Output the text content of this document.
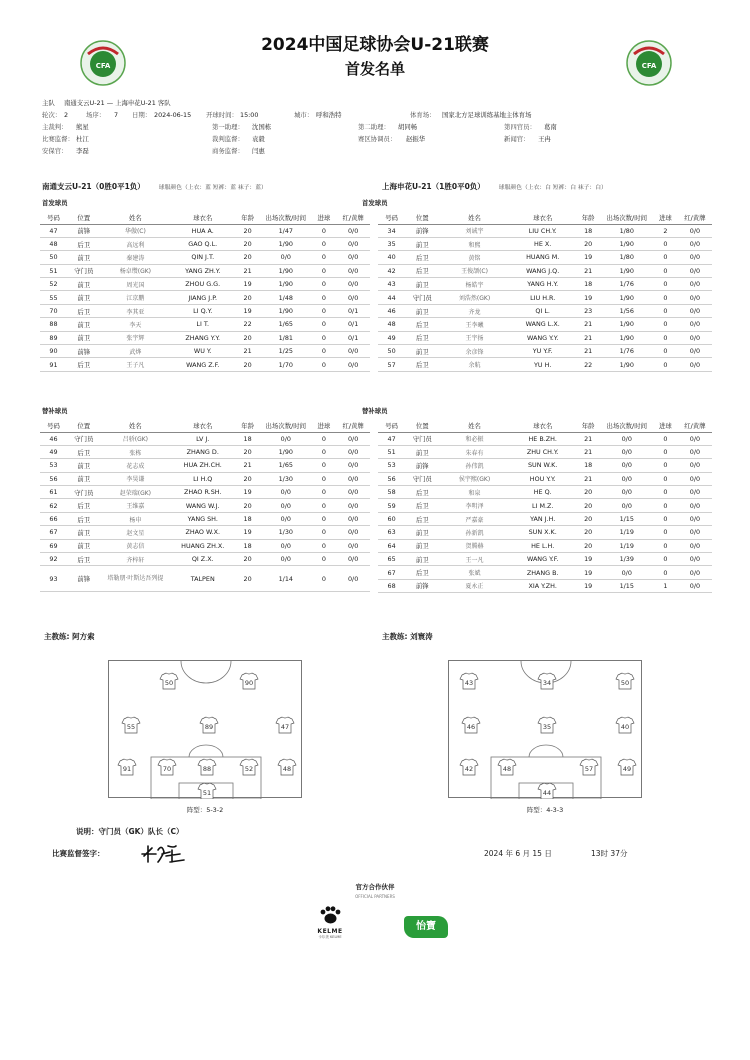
CFA	CFA
2024中国足球协会U-21联赛
首发名单
主队	南通支云U-21 — 上海申花U-21 客队
轮次： 2	场序：	7	日期： 2024-06-15	开球时间： 15:00	城市： 呼和浩特	体育场：	国家北方足球训练基地主体育场
主裁判：	熊星	第一助理：	沈国栋	第二助理：	胡同畅	第四官员：	葛南
比赛监督： 杜江	裁判监督：	袁毅	赛区协调员：	赵振华	新闻官：	王冉
安保官：	李磊	商务监督：	闫惠
南通支云U-21（0胜0平1负） 球服颜色（上衣：蓝 短裤：蓝 袜子：蓝）	上海申花U-21（1胜0平0负） 球服颜色（上衣：白 短裤：白 袜子：白）
首发球员	首发球员
号码	位置	姓名	球衣名	年龄	出场次数/时间	进球	红/黄牌
47	前锋	华傲(C)	HUA A.	20	1/47	0	0/0
48	后卫	高远利	GAO Q.L.	20	1/90	0	0/0
50	前卫	秦建涛	QIN J.T.	20	0/0	0	0/0
51	守门员	杨卓缵(GK)	YANG ZH.Y.	21	1/90	0	0/0
52	前卫	周光国	ZHOU G.G.	19	1/90	0	0/0
55	前卫	江京鹏	JIANG J.P.	20	1/48	0	0/0
70	后卫	李其亚	LI Q.Y.	19	1/90	0	0/1
88	前卫	李天	LI T.	22	1/65	0	0/1
89	前卫	张宇辉	ZHANG Y.Y.	20	1/81	0	0/1
90	前锋	武烨	WU Y.	21	1/25	0	0/0
91	后卫	王子凡	WANG Z.F.	20	1/70	0	0/0
号码	位置	姓名	球衣名	年龄	出场次数/时间	进球	红/黄牌
34	前锋	刘诚宇	LIU CH.Y.	18	1/80	2	0/0
35	前卫	和熙	HE X.	20	1/90	0	0/0
40	后卫	黄铭	HUANG M.	19	1/80	0	0/0
42	后卫	王俊颉(C)	WANG J.Q.	21	1/90	0	0/0
43	前卫	杨皓宇	YANG H.Y.	18	1/76	0	0/0
44	守门员	刘浩然(GK)	LIU H.R.	19	1/90	0	0/0
46	前卫	齐龙	QI L.	23	1/56	0	0/0
48	后卫	王李曦	WANG L.X.	21	1/90	0	0/0
49	后卫	王宇扬	WANG Y.Y.	21	1/90	0	0/0
50	前卫	余彦锋	YU Y.F.	21	1/76	0	0/0
57	后卫	余航	YU H.	22	1/90	0	0/0
替补球员	替补球员
号码	位置	姓名	球衣名	年龄	出场次数/时间	进球	红/黄牌
46	守门员	吕骄(GK)	LV J.	18	0/0	0	0/0
49	后卫	张栋	ZHANG D.	20	1/90	0	0/0
53	前卫	花志成	HUA ZH.CH.	21	1/65	0	0/0
56	前卫	李昊谦	LI H.Q	20	1/30	0	0/0
61	守门员	赵荣瑞(GK)	ZHAO R.SH.	19	0/0	0	0/0
62	后卫	王维嘉	WANG W.J.	20	0/0	0	0/0
66	后卫	杨申	YANG SH.	18	0/0	0	0/0
67	前卫	赵文星	ZHAO W.X.	19	1/30	0	0/0
69	前卫	黄志信	HUANG ZH.X.	18	0/0	0	0/0
92	后卫	齐梓轩	QI Z.X.	20	0/0	0	0/0
93	前锋	塔勒朋·叶斯达吾列提	TALPEN	20	1/14	0	0/0
号码	位置	姓名	球衣名	年龄	出场次数/时间	进球	红/黄牌
47	守门员	和必振	HE B.ZH.	21	0/0	0	0/0
51	前卫	朱春有	ZHU CH.Y.	21	0/0	0	0/0
53	前锋	孙伟凯	SUN W.K.	18	0/0	0	0/0
56	守门员	侯宇熙(GK)	HOU Y.Y.	21	0/0	0	0/0
58	后卫	和泉	HE Q.	20	0/0	0	0/0
59	后卫	李明泽	LI M.Z.	20	0/0	0	0/0
60	后卫	严嘉豪	YAN J.H.	20	1/15	0	0/0
63	前卫	孙新凯	SUN X.K.	20	1/19	0	0/0
64	前卫	贺腾赫	HE L.H.	20	1/19	0	0/0
65	前卫	王一凡	WANG Y.F.	19	1/39	0	0/0
67	后卫	张斌	ZHANG B.	19	0/0	0	0/0
68	前锋	夏永正	XIA Y.ZH.	19	1/15	1	0/0
主教练: 阿方索	主教练: 刘寰涛
50	90
55	89	47
91	70	88	52	48
51
43	34	50
46	35	40
42	48	57	49
44
阵型：5-3-2	阵型：4-3-3
说明：守门员（GK）队长（C）
比赛监督签字：	2024 年 6 月 15 日	13时 37分
官方合作伙伴
OFFICIAL PARTNERS
KELME
卡尔美 KELME
怡寶
